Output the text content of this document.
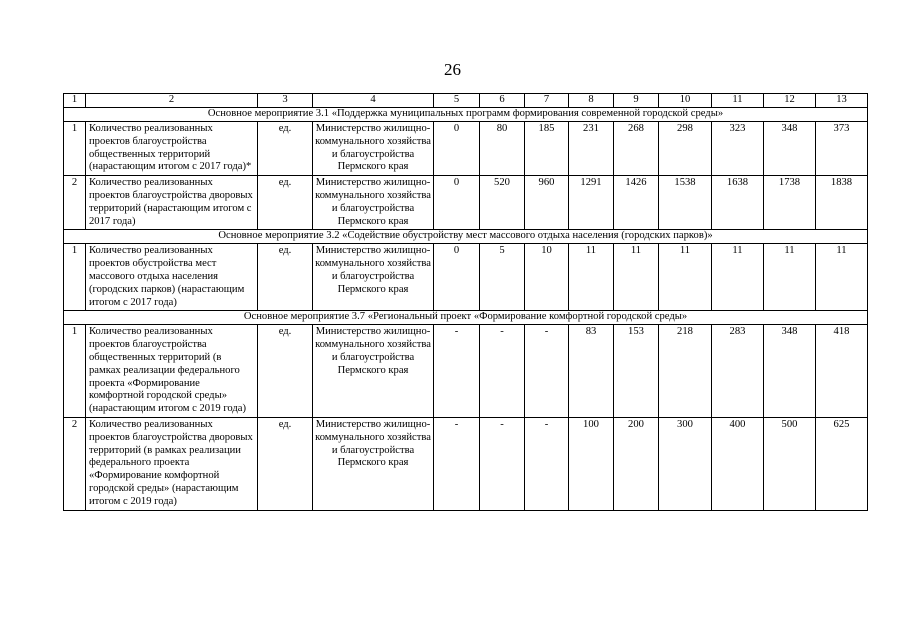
26
1	2	3	4	5	6	7	8	9	10	11	12	13
Основное мероприятие 3.1 «Поддержка муниципальных программ формирования современной городской среды»												
1	Количество реализованных проектов благоустройства общественных территорий (нарастающим итогом с 2017 года)*	ед.	Министерство жилищно-коммунального хозяйства и благоустройства Пермского края	0	80	185	231	268	298	323	348	373
2	Количество реализованных проектов благоустройства дворовых территорий (нарастающим итогом с 2017 года)	ед.	Министерство жилищно-коммунального хозяйства и благоустройства Пермского края	0	520	960	1291	1426	1538	1638	1738	1838
Основное мероприятие 3.2 «Содействие обустройству мест массового отдыха населения (городских парков)»												
1	Количество реализованных проектов обустройства мест массового отдыха населения (городских парков) (нарастающим итогом с 2017 года)	ед.	Министерство жилищно-коммунального хозяйства и благоустройства Пермского края	0	5	10	11	11	11	11	11	11
Основное мероприятие 3.7 «Региональный проект «Формирование комфортной городской среды»												
1	Количество реализованных проектов благоустройства общественных территорий (в рамках реализации федерального проекта «Формирование комфортной городской среды» (нарастающим итогом с 2019 года)	ед.	Министерство жилищно-коммунального хозяйства и благоустройства Пермского края	-	-	-	83	153	218	283	348	418
2	Количество реализованных проектов благоустройства дворовых территорий (в рамках реализации федерального проекта «Формирование комфортной городской среды» (нарастающим итогом с 2019 года)	ед.	Министерство жилищно-коммунального хозяйства и благоустройства Пермского края	-	-	-	100	200	300	400	500	625
